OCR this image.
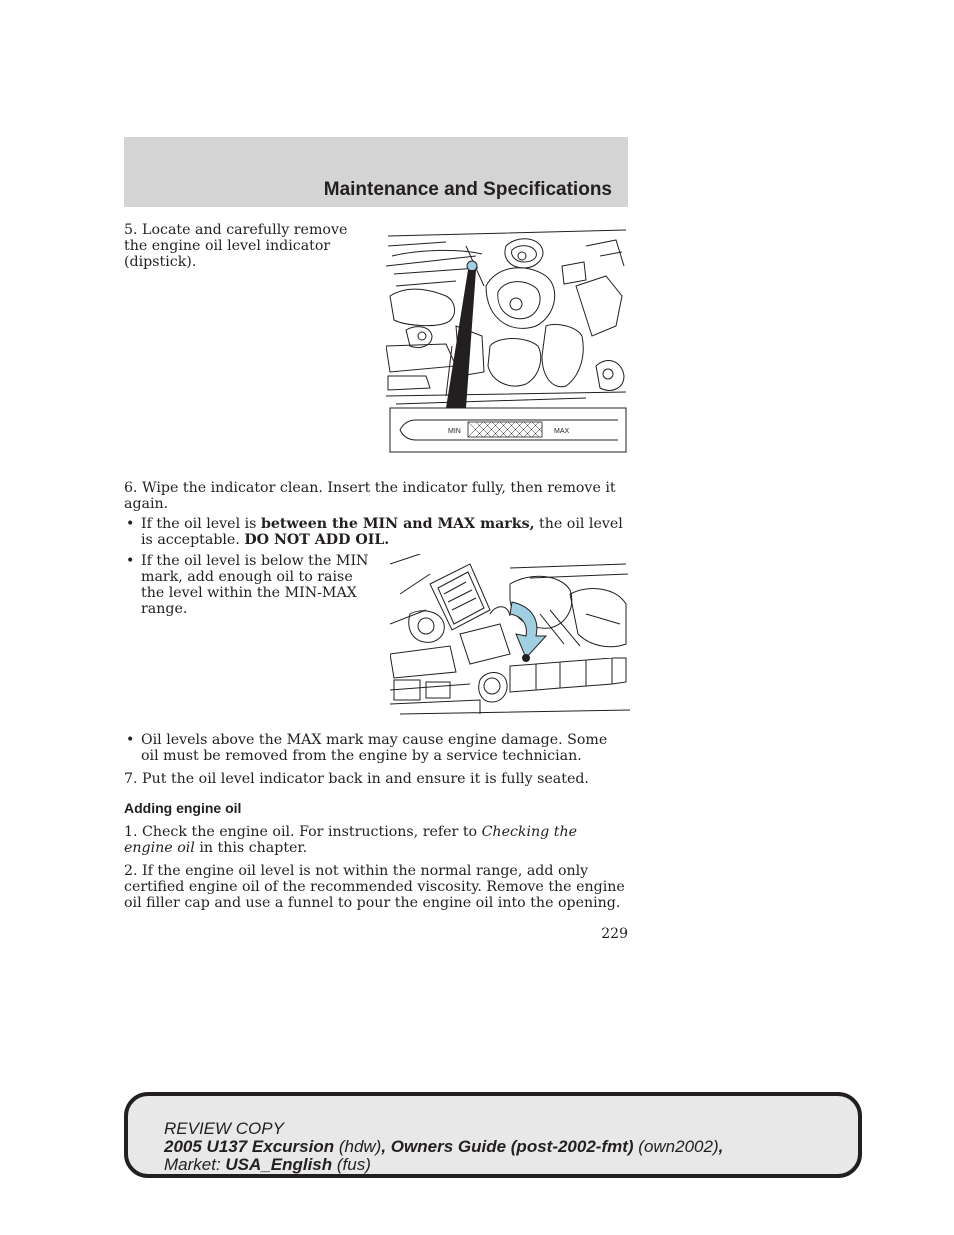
Maintenance and Specifications

5. Locate and carefully remove the engine oil level indicator (dipstick).

MIN	MAX

6. Wipe the indicator clean. Insert the indicator fully, then remove it again.

• If the oil level is between the MIN and MAX marks, the oil level is acceptable. DO NOT ADD OIL.

• If the oil level is below the MIN mark, add enough oil to raise the level within the MIN-MAX range.

• Oil levels above the MAX mark may cause engine damage. Some oil must be removed from the engine by a service technician.

7. Put the oil level indicator back in and ensure it is fully seated.

Adding engine oil

1. Check the engine oil. For instructions, refer to Checking the engine oil in this chapter.

2. If the engine oil level is not within the normal range, add only certified engine oil of the recommended viscosity. Remove the engine oil filler cap and use a funnel to pour the engine oil into the opening.

229
REVIEW COPY
2005 U137 Excursion (hdw), Owners Guide (post-2002-fmt) (own2002),
Market: USA_English (fus)
